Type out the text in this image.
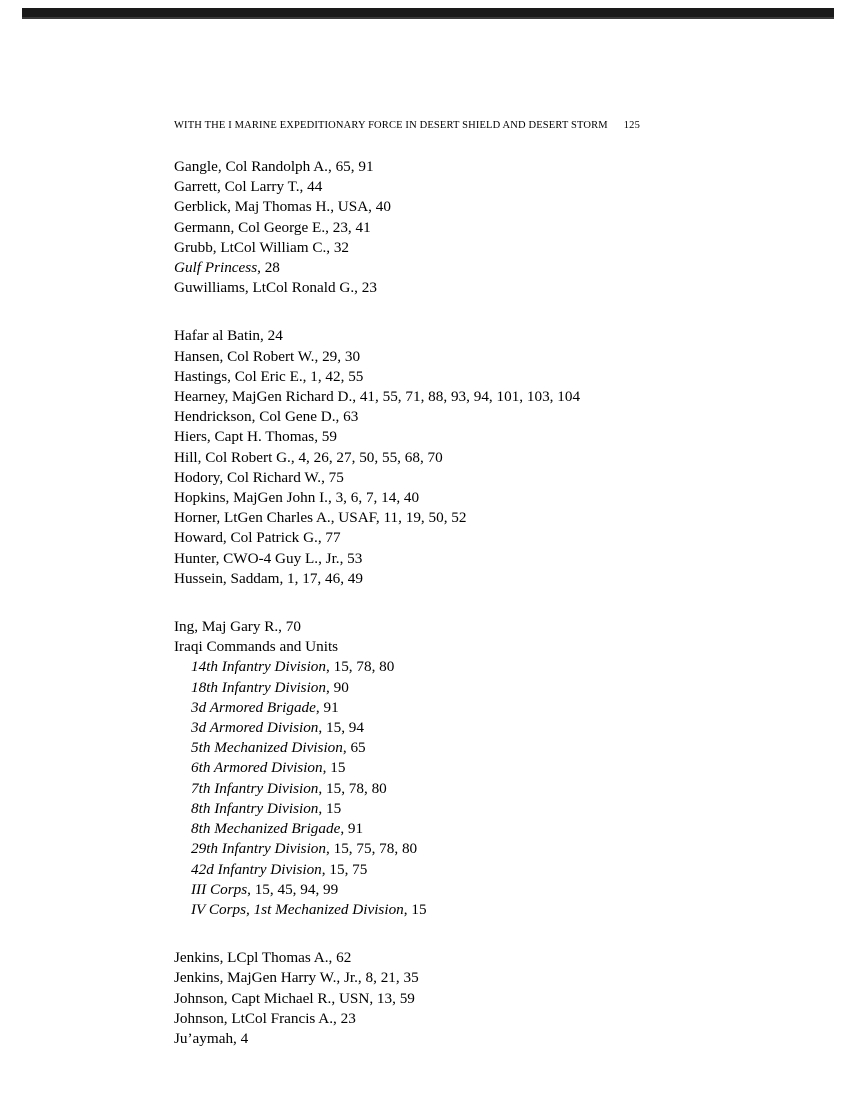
WITH THE I MARINE EXPEDITIONARY FORCE IN DESERT SHIELD AND DESERT STORM 125
Gangle, Col Randolph A., 65, 91
Garrett, Col Larry T., 44
Gerblick, Maj Thomas H., USA, 40
Germann, Col George E., 23, 41
Grubb, LtCol William C., 32
Gulf Princess, 28
Guwilliams, LtCol Ronald G., 23
Hafar al Batin, 24
Hansen, Col Robert W., 29, 30
Hastings, Col Eric E., 1, 42, 55
Hearney, MajGen Richard D., 41, 55, 71, 88, 93, 94, 101, 103, 104
Hendrickson, Col Gene D., 63
Hiers, Capt H. Thomas, 59
Hill, Col Robert G., 4, 26, 27, 50, 55, 68, 70
Hodory, Col Richard W., 75
Hopkins, MajGen John I., 3, 6, 7, 14, 40
Horner, LtGen Charles A., USAF, 11, 19, 50, 52
Howard, Col Patrick G., 77
Hunter, CWO-4 Guy L., Jr., 53
Hussein, Saddam, 1, 17, 46, 49
Ing, Maj Gary R., 70
Iraqi Commands and Units
14th Infantry Division, 15, 78, 80
18th Infantry Division, 90
3d Armored Brigade, 91
3d Armored Division, 15, 94
5th Mechanized Division, 65
6th Armored Division, 15
7th Infantry Division, 15, 78, 80
8th Infantry Division, 15
8th Mechanized Brigade, 91
29th Infantry Division, 15, 75, 78, 80
42d Infantry Division, 15, 75
III Corps, 15, 45, 94, 99
IV Corps, 1st Mechanized Division, 15
Jenkins, LCpl Thomas A., 62
Jenkins, MajGen Harry W., Jr., 8, 21, 35
Johnson, Capt Michael R., USN, 13, 59
Johnson, LtCol Francis A., 23
Ju’aymah, 4
